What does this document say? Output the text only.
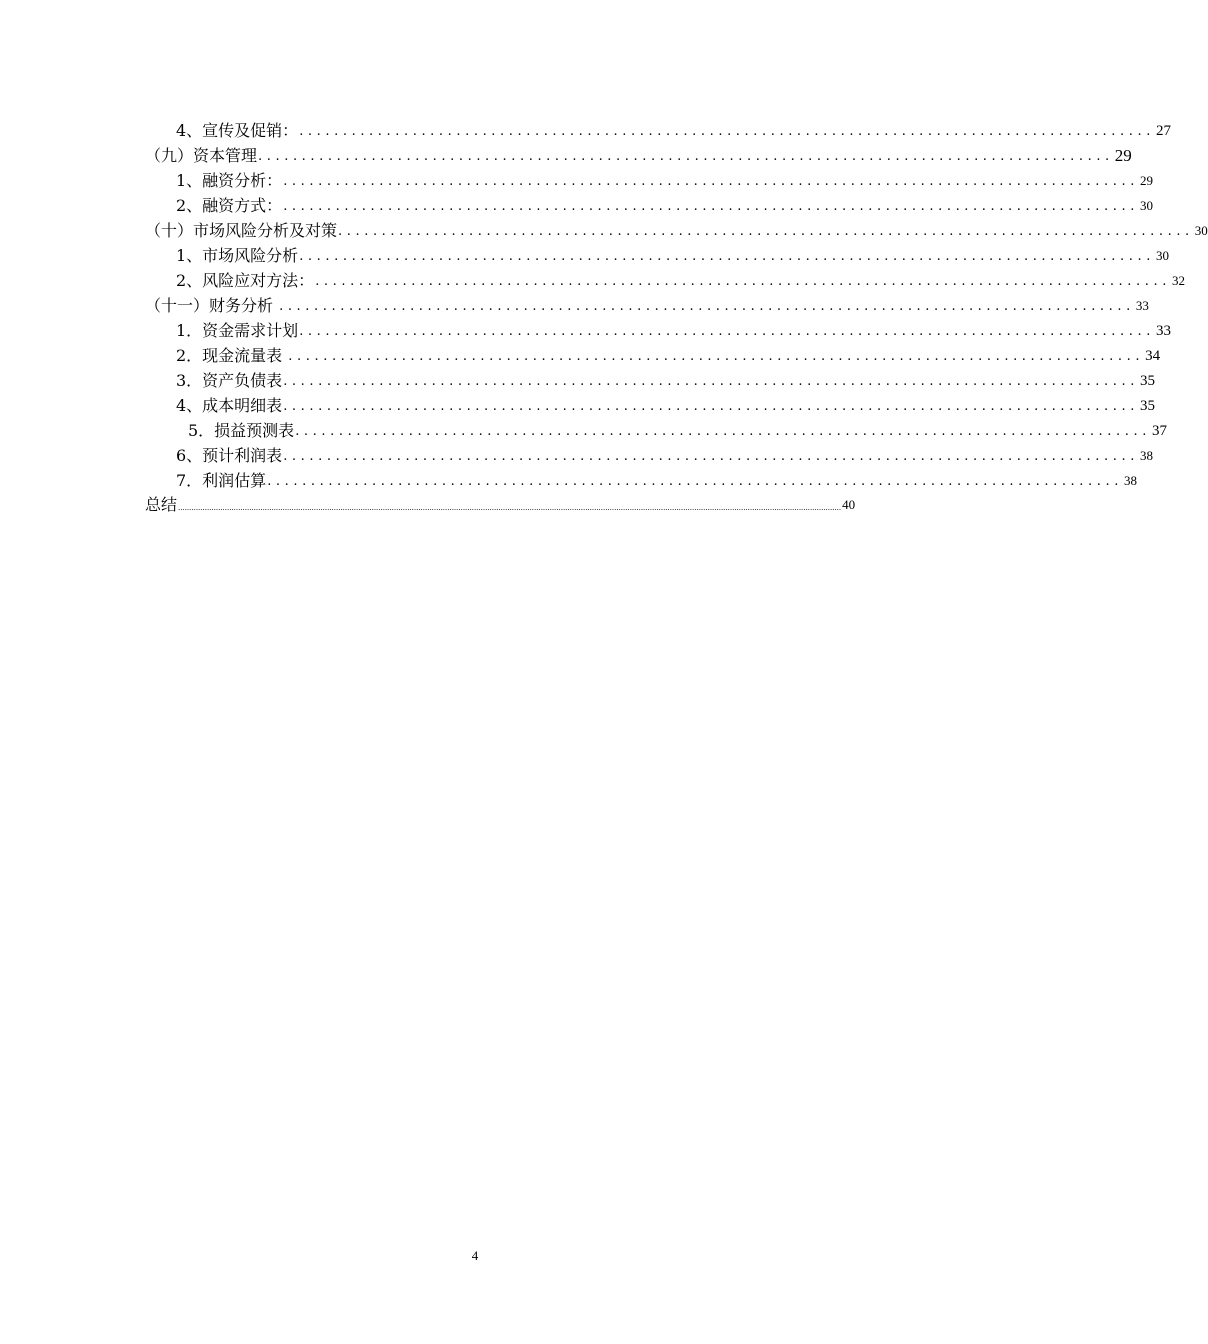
4、宣传及促销： .................................................................................................. 27
（九）资本管理 .................................................................................................. 29
1、融资分析： .................................................................................................. 29
2、融资方式： .................................................................................................. 30
（十）市场风险分析及对策 .................................................................................................. 30
1、市场风险分析 .................................................................................................. 30
2、风险应对方法： .................................................................................................. 32
（十一）财务分析 .................................................................................................. 33
1．资金需求计划 .................................................................................................. 33
2．现金流量表 .................................................................................................. 34
3．资产负债表 .................................................................................................. 35
4、成本明细表 .................................................................................................. 35
5．损益预测表 .................................................................................................. 37
6、预计利润表 .................................................................................................. 38
7．利润估算 .................................................................................................. 38
总结 .......................................................................................................................................................................................................................................................................................................... 40
4
